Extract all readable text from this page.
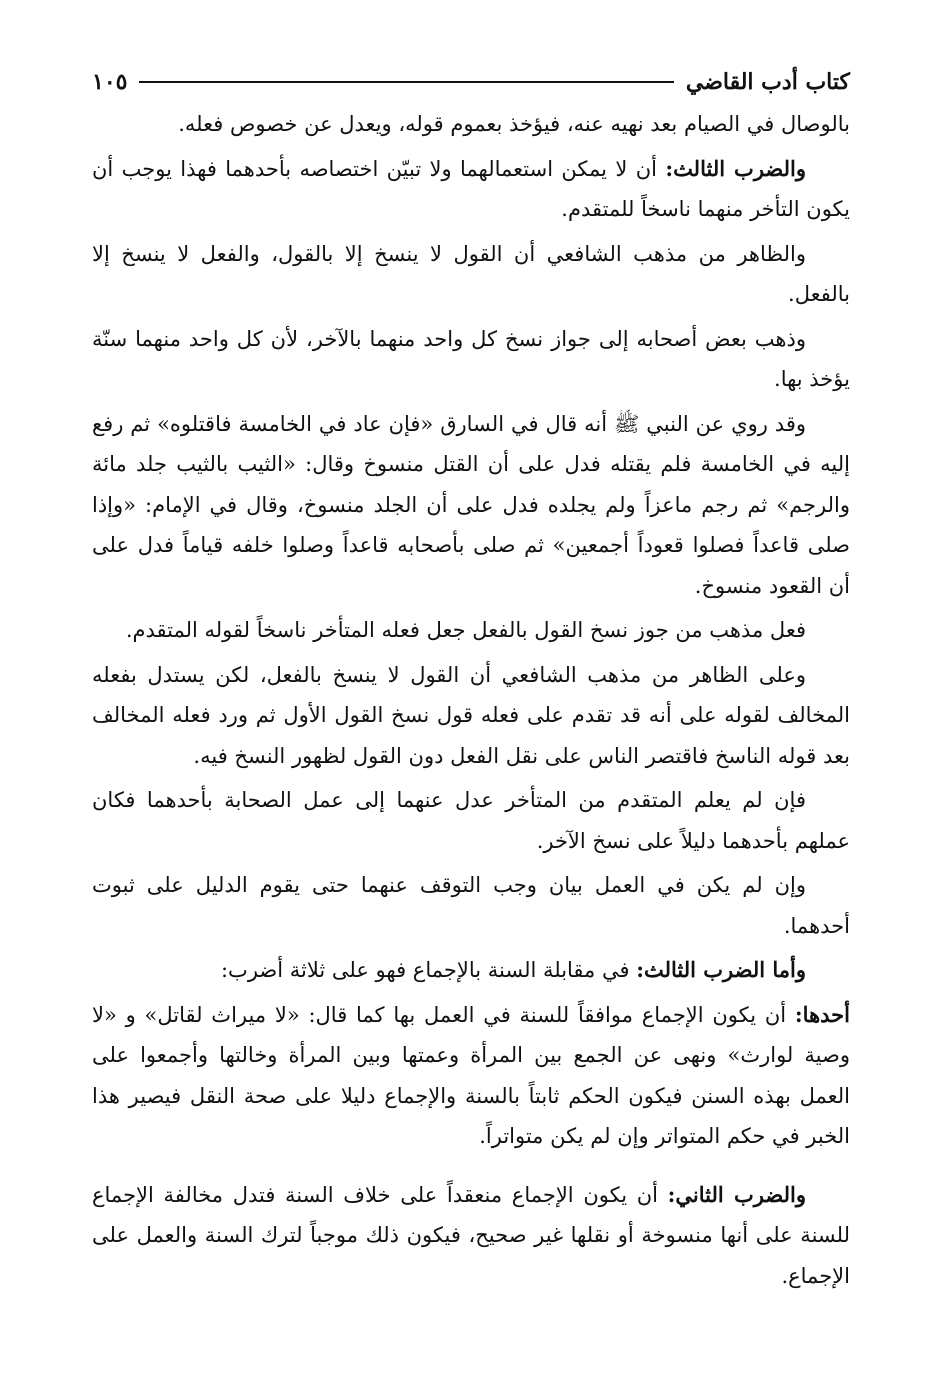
كتاب أدب القاضي
١٠٥

بالوصال في الصيام بعد نهيه عنه، فيؤخذ بعموم قوله، ويعدل عن خصوص فعله.

والضرب الثالث: أن لا يمكن استعمالهما ولا تبيّن اختصاصه بأحدهما فهذا يوجب أن يكون التأخر منهما ناسخاً للمتقدم.

والظاهر من مذهب الشافعي أن القول لا ينسخ إلا بالقول، والفعل لا ينسخ إلا بالفعل.

وذهب بعض أصحابه إلى جواز نسخ كل واحد منهما بالآخر، لأن كل واحد منهما سنّة يؤخذ بها.

وقد روي عن النبي ﷺ أنه قال في السارق «فإن عاد في الخامسة فاقتلوه» ثم رفع إليه في الخامسة فلم يقتله فدل على أن القتل منسوخ وقال: «الثيب بالثيب جلد مائة والرجم» ثم رجم ماعزاً ولم يجلده فدل على أن الجلد منسوخ، وقال في الإمام: «وإذا صلى قاعداً فصلوا قعوداً أجمعين» ثم صلى بأصحابه قاعداً وصلوا خلفه قياماً فدل على أن القعود منسوخ.

فعل مذهب من جوز نسخ القول بالفعل جعل فعله المتأخر ناسخاً لقوله المتقدم.

وعلى الظاهر من مذهب الشافعي أن القول لا ينسخ بالفعل، لكن يستدل بفعله المخالف لقوله على أنه قد تقدم على فعله قول نسخ القول الأول ثم ورد فعله المخالف بعد قوله الناسخ فاقتصر الناس على نقل الفعل دون القول لظهور النسخ فيه.

فإن لم يعلم المتقدم من المتأخر عدل عنهما إلى عمل الصحابة بأحدهما فكان عملهم بأحدهما دليلاً على نسخ الآخر.

وإن لم يكن في العمل بيان وجب التوقف عنهما حتى يقوم الدليل على ثبوت أحدهما.

وأما الضرب الثالث: في مقابلة السنة بالإجماع فهو على ثلاثة أضرب:

أحدها: أن يكون الإجماع موافقاً للسنة في العمل بها كما قال: «لا ميراث لقاتل» و «لا وصية لوارث» ونهى عن الجمع بين المرأة وعمتها وبين المرأة وخالتها وأجمعوا على العمل بهذه السنن فيكون الحكم ثابتاً بالسنة والإجماع دليلا على صحة النقل فيصير هذا الخبر في حكم المتواتر وإن لم يكن متواتراً.

والضرب الثاني: أن يكون الإجماع منعقداً على خلاف السنة فتدل مخالفة الإجماع للسنة على أنها منسوخة أو نقلها غير صحيح، فيكون ذلك موجباً لترك السنة والعمل على الإجماع.
